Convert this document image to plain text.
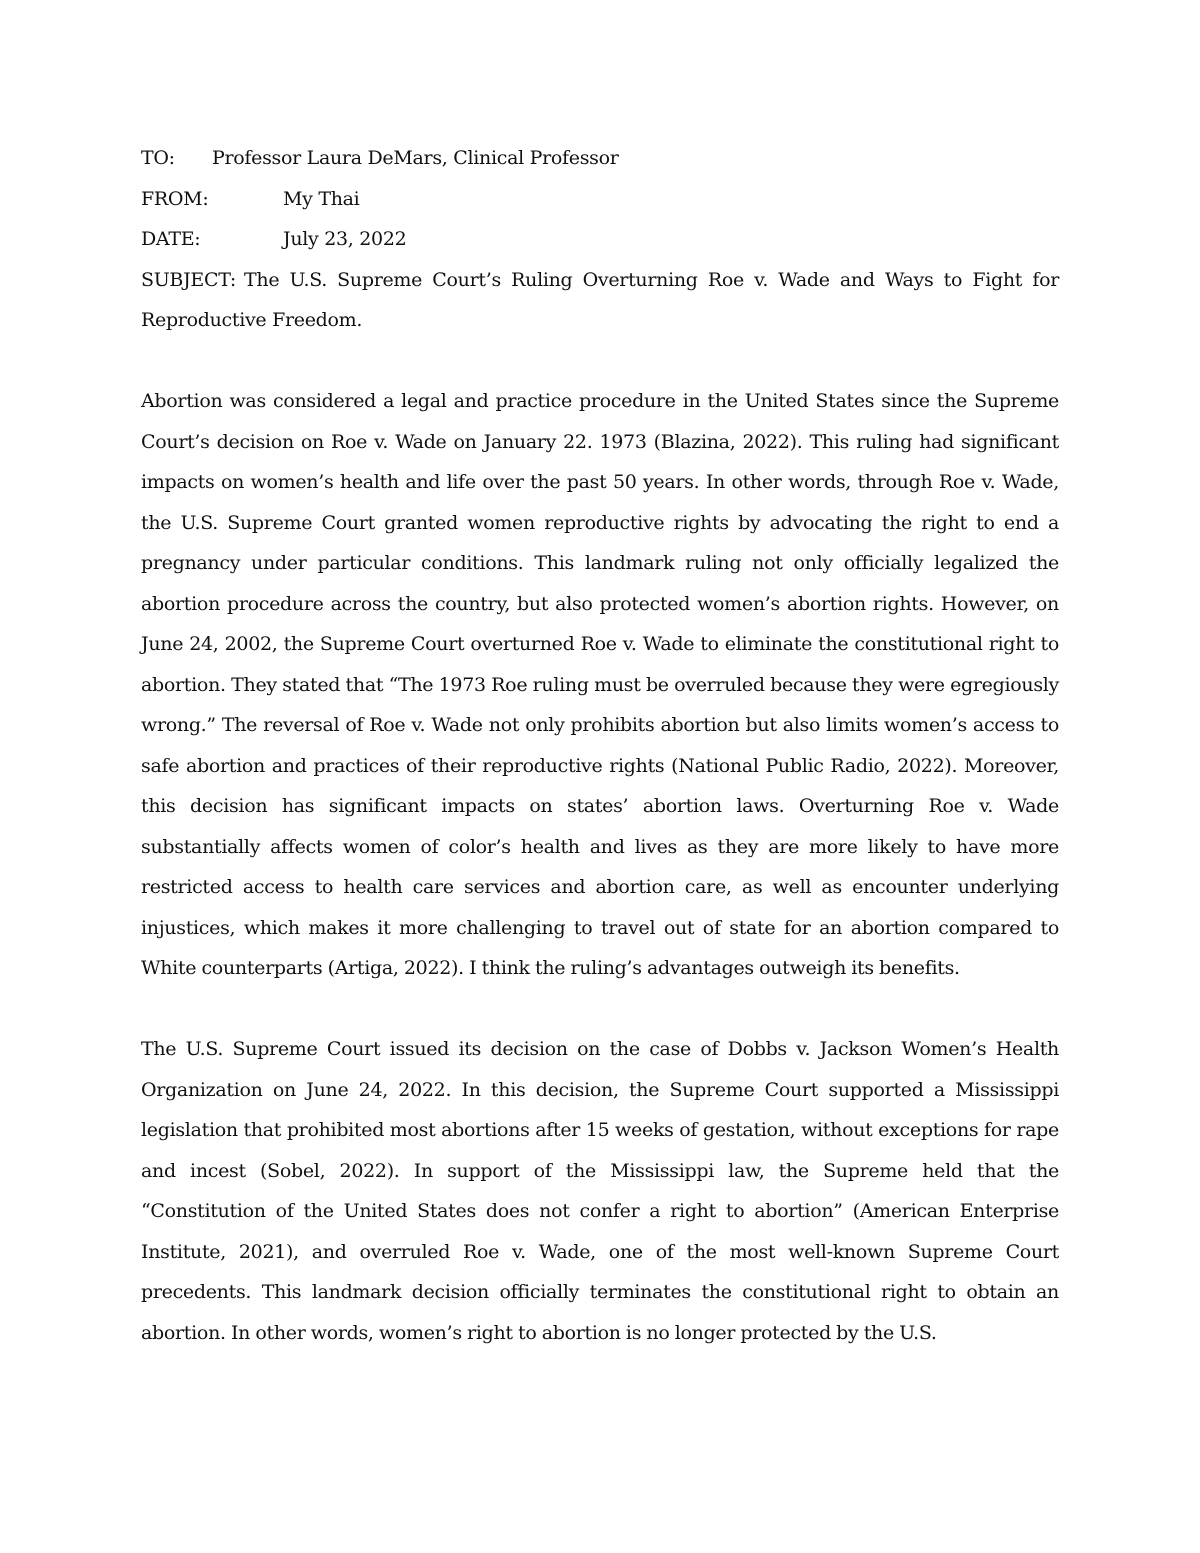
TO: Professor Laura DeMars, Clinical Professor
FROM:	My Thai
DATE:	July 23, 2022
SUBJECT: The U.S. Supreme Court’s Ruling Overturning Roe v. Wade and Ways to Fight for Reproductive Freedom.

Abortion was considered a legal and practice procedure in the United States since the Supreme Court’s decision on Roe v. Wade on January 22. 1973 (Blazina, 2022). This ruling had significant impacts on women’s health and life over the past 50 years. In other words, through Roe v. Wade, the U.S. Supreme Court granted women reproductive rights by advocating the right to end a pregnancy under particular conditions. This landmark ruling not only officially legalized the abortion procedure across the country, but also protected women’s abortion rights. However, on June 24, 2002, the Supreme Court overturned Roe v. Wade to eliminate the constitutional right to abortion. They stated that “The 1973 Roe ruling must be overruled because they were egregiously wrong.” The reversal of Roe v. Wade not only prohibits abortion but also limits women’s access to safe abortion and practices of their reproductive rights (National Public Radio, 2022). Moreover, this decision has significant impacts on states’ abortion laws. Overturning Roe v. Wade substantially affects women of color’s health and lives as they are more likely to have more restricted access to health care services and abortion care, as well as encounter underlying injustices, which makes it more challenging to travel out of state for an abortion compared to White counterparts (Artiga, 2022). I think the ruling’s advantages outweigh its benefits.

The U.S. Supreme Court issued its decision on the case of Dobbs v. Jackson Women’s Health Organization on June 24, 2022. In this decision, the Supreme Court supported a Mississippi legislation that prohibited most abortions after 15 weeks of gestation, without exceptions for rape and incest (Sobel, 2022). In support of the Mississippi law, the Supreme held that the “Constitution of the United States does not confer a right to abortion” (American Enterprise Institute, 2021), and overruled Roe v. Wade, one of the most well-known Supreme Court precedents. This landmark decision officially terminates the constitutional right to obtain an abortion. In other words, women’s right to abortion is no longer protected by the U.S.
